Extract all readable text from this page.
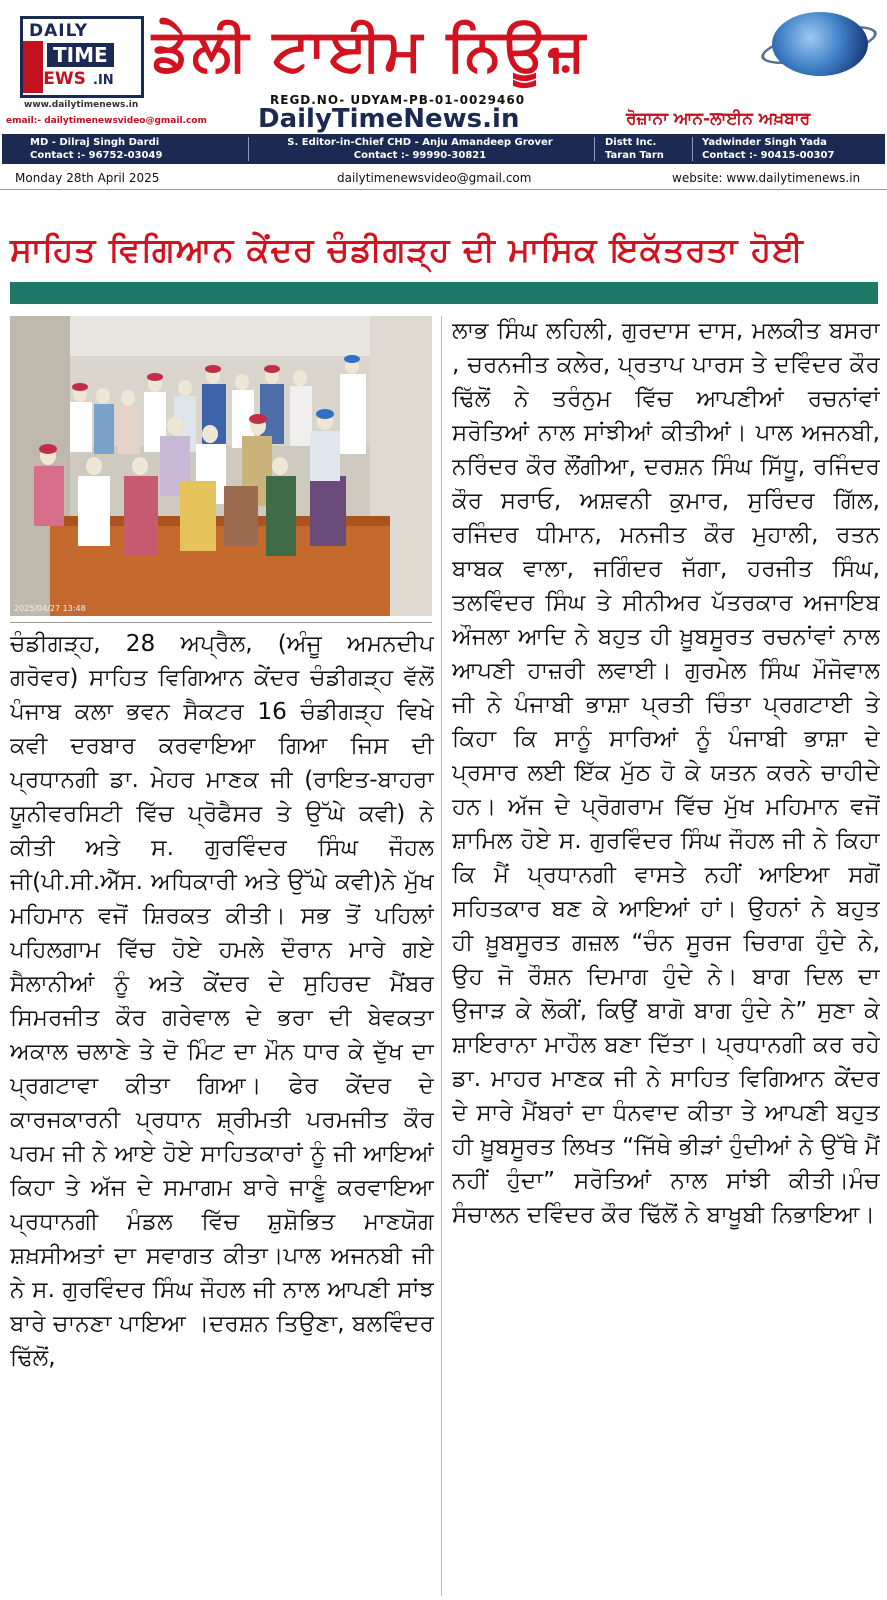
DAILY
TIME
NEWS .IN
www.dailytimenews.in
ਡੇਲੀ ਟਾਈਮ ਨਿਊਜ਼
REGD.NO- UDYAM-PB-01-0029460
email:- dailytimenewsvideo@gmail.com DailyTimeNews.in	ਰੋਜ਼ਾਨਾ ਆਨ-ਲਾਈਨ ਅਖ਼ਬਾਰ
MD - Dilraj Singh Dardi
Contact :- 96752-03049
S. Editor-in-Chief CHD - Anju Amandeep Grover
Contact :- 99990-30821
Distt Inc.
Taran Tarn
Yadwinder Singh Yada
Contact :- 90415-00307
Monday 28th April 2025	dailytimenewsvideo@gmail.com	website: www.dailytimenews.in
ਸਾਹਿਤ ਵਿਗਿਆਨ ਕੇਂਦਰ ਚੰਡੀਗੜ੍ਹ ਦੀ ਮਾਸਿਕ ਇਕੱਤਰਤਾ ਹੋਈ
2025/04/27 13:48
ਚੰਡੀਗੜ੍ਹ, 28 ਅਪ੍ਰੈਲ, (ਅੰਜੂ ਅਮਨਦੀਪ ਗਰੋਵਰ) ਸਾਹਿਤ ਵਿਗਿਆਨ ਕੇਂਦਰ ਚੰਡੀਗੜ੍ਹ ਵੱਲੋਂ ਪੰਜਾਬ ਕਲਾ ਭਵਨ ਸੈਕਟਰ 16 ਚੰਡੀਗੜ੍ਹ ਵਿਖੇ ਕਵੀ ਦਰਬਾਰ ਕਰਵਾਇਆ ਗਿਆ ਜਿਸ ਦੀ ਪ੍ਰਧਾਨਗੀ ਡਾ. ਮੇਹਰ ਮਾਣਕ ਜੀ (ਰਾਇਤ-ਬਾਹਰਾ ਯੂਨੀਵਰਸਿਟੀ ਵਿੱਚ ਪ੍ਰੋਫੈਸਰ ਤੇ ਉੱਘੇ ਕਵੀ) ਨੇ ਕੀਤੀ ਅਤੇ ਸ. ਗੁਰਵਿੰਦਰ ਸਿੰਘ ਜੌਹਲ ਜੀ(ਪੀ.ਸੀ.ਐੱਸ. ਅਧਿਕਾਰੀ ਅਤੇ ਉੱਘੇ ਕਵੀ)ਨੇ ਮੁੱਖ ਮਹਿਮਾਨ ਵਜੋਂ ਸ਼ਿਰਕਤ ਕੀਤੀ। ਸਭ ਤੋਂ ਪਹਿਲਾਂ ਪਹਿਲਗਾਮ ਵਿੱਚ ਹੋਏ ਹਮਲੇ ਦੌਰਾਨ ਮਾਰੇ ਗਏ ਸੈਲਾਨੀਆਂ ਨੂੰ ਅਤੇ ਕੇਂਦਰ ਦੇ ਸੁਹਿਰਦ ਮੈਂਬਰ ਸਿਮਰਜੀਤ ਕੌਰ ਗਰੇਵਾਲ ਦੇ ਭਰਾ ਦੀ ਬੇਵਕਤਾ ਅਕਾਲ ਚਲਾਣੇ ਤੇ ਦੋ ਮਿੰਟ ਦਾ ਮੌਨ ਧਾਰ ਕੇ ਦੁੱਖ ਦਾ ਪ੍ਰਗਟਾਵਾ ਕੀਤਾ ਗਿਆ। ਫੇਰ ਕੇਂਦਰ ਦੇ ਕਾਰਜਕਾਰਨੀ ਪ੍ਰਧਾਨ ਸ਼੍ਰੀਮਤੀ ਪਰਮਜੀਤ ਕੌਰ ਪਰਮ ਜੀ ਨੇ ਆਏ ਹੋਏ ਸਾਹਿਤਕਾਰਾਂ ਨੂੰ ਜੀ ਆਇਆਂ ਕਿਹਾ ਤੇ ਅੱਜ ਦੇ ਸਮਾਗਮ ਬਾਰੇ ਜਾਣੂੰ ਕਰਵਾਇਆ ਪ੍ਰਧਾਨਗੀ ਮੰਡਲ ਵਿੱਚ ਸ਼ੁਸ਼ੋਭਿਤ ਮਾਣਯੋਗ ਸ਼ਖ਼ਸੀਅਤਾਂ ਦਾ ਸਵਾਗਤ ਕੀਤਾ।ਪਾਲ ਅਜਨਬੀ ਜੀ ਨੇ ਸ. ਗੁਰਵਿੰਦਰ ਸਿੰਘ ਜੌਹਲ ਜੀ ਨਾਲ ਆਪਣੀ ਸਾਂਝ ਬਾਰੇ ਚਾਨਣਾ ਪਾਇਆ ।ਦਰਸ਼ਨ ਤਿਉਣਾ, ਬਲਵਿੰਦਰ ਢਿੱਲੋਂ,
ਲਾਭ ਸਿੰਘ ਲਹਿਲੀ, ਗੁਰਦਾਸ ਦਾਸ, ਮਲਕੀਤ ਬਸਰਾ , ਚਰਨਜੀਤ ਕਲੇਰ, ਪ੍ਰਤਾਪ ਪਾਰਸ ਤੇ ਦਵਿੰਦਰ ਕੌਰ ਢਿੱਲੋਂ ਨੇ ਤਰੰਨੁਮ ਵਿੱਚ ਆਪਣੀਆਂ ਰਚਨਾਂਵਾਂ ਸਰੋਤਿਆਂ ਨਾਲ ਸਾਂਝੀਆਂ ਕੀਤੀਆਂ। ਪਾਲ ਅਜਨਬੀ, ਨਰਿੰਦਰ ਕੌਰ ਲੌਂਗੀਆ, ਦਰਸ਼ਨ ਸਿੰਘ ਸਿੱਧੂ, ਰਜਿੰਦਰ ਕੌਰ ਸਰਾਓ, ਅਸ਼ਵਨੀ ਕੁਮਾਰ, ਸੁਰਿੰਦਰ ਗਿੱਲ, ਰਜਿੰਦਰ ਧੀਮਾਨ, ਮਨਜੀਤ ਕੌਰ ਮੁਹਾਲੀ, ਰਤਨ ਬਾਬਕ ਵਾਲਾ, ਜਗਿੰਦਰ ਜੱਗਾ, ਹਰਜੀਤ ਸਿੰਘ, ਤਲਵਿੰਦਰ ਸਿੰਘ ਤੇ ਸੀਨੀਅਰ ਪੱਤਰਕਾਰ ਅਜਾਇਬ ਔਜਲਾ ਆਦਿ ਨੇ ਬਹੁਤ ਹੀ ਖ਼ੂਬਸੂਰਤ ਰਚਨਾਂਵਾਂ ਨਾਲ ਆਪਣੀ ਹਾਜ਼ਰੀ ਲਵਾਈ। ਗੁਰਮੇਲ ਸਿੰਘ ਮੌਜੋਵਾਲ ਜੀ ਨੇ ਪੰਜਾਬੀ ਭਾਸ਼ਾ ਪ੍ਰਤੀ ਚਿੰਤਾ ਪ੍ਰਗਟਾਈ ਤੇ ਕਿਹਾ ਕਿ ਸਾਨੂੰ ਸਾਰਿਆਂ ਨੂੰ ਪੰਜਾਬੀ ਭਾਸ਼ਾ ਦੇ ਪ੍ਰਸਾਰ ਲਈ ਇੱਕ ਮੁੱਠ ਹੋ ਕੇ ਯਤਨ ਕਰਨੇ ਚਾਹੀਦੇ ਹਨ। ਅੱਜ ਦੇ ਪ੍ਰੋਗਰਾਮ ਵਿੱਚ ਮੁੱਖ ਮਹਿਮਾਨ ਵਜੋਂ ਸ਼ਾਮਿਲ ਹੋਏ ਸ. ਗੁਰਵਿੰਦਰ ਸਿੰਘ ਜੌਹਲ ਜੀ ਨੇ ਕਿਹਾ ਕਿ ਮੈਂ ਪ੍ਰਧਾਨਗੀ ਵਾਸਤੇ ਨਹੀਂ ਆਇਆ ਸਗੋਂ ਸਹਿਤਕਾਰ ਬਣ ਕੇ ਆਇਆਂ ਹਾਂ। ਉਹਨਾਂ ਨੇ ਬਹੁਤ ਹੀ ਖ਼ੂਬਸੂਰਤ ਗਜ਼ਲ “ਚੰਨ ਸੂਰਜ ਚਿਰਾਗ ਹੁੰਦੇ ਨੇ, ਉਹ ਜੋ ਰੌਸ਼ਨ ਦਿਮਾਗ ਹੁੰਦੇ ਨੇ। ਬਾਗ ਦਿਲ ਦਾ ਉਜਾੜ ਕੇ ਲੋਕੀਂ, ਕਿਉਂ ਬਾਗੋ ਬਾਗ ਹੁੰਦੇ ਨੇ” ਸੁਣਾ ਕੇ ਸ਼ਾਇਰਾਨਾ ਮਾਹੌਲ ਬਣਾ ਦਿੱਤਾ। ਪ੍ਰਧਾਨਗੀ ਕਰ ਰਹੇ ਡਾ. ਮਾਹਰ ਮਾਣਕ ਜੀ ਨੇ ਸਾਹਿਤ ਵਿਗਿਆਨ ਕੇਂਦਰ ਦੇ ਸਾਰੇ ਮੈਂਬਰਾਂ ਦਾ ਧੰਨਵਾਦ ਕੀਤਾ ਤੇ ਆਪਣੀ ਬਹੁਤ ਹੀ ਖ਼ੂਬਸੂਰਤ ਲਿਖਤ “ਜਿੱਥੇ ਭੀੜਾਂ ਹੁੰਦੀਆਂ ਨੇ ਉੱਥੇ ਮੈਂ ਨਹੀਂ ਹੁੰਦਾ” ਸਰੋਤਿਆਂ ਨਾਲ ਸਾਂਝੀ ਕੀਤੀ।ਮੰਚ ਸੰਚਾਲਨ ਦਵਿੰਦਰ ਕੌਰ ਢਿੱਲੋਂ ਨੇ ਬਾਖੂਬੀ ਨਿਭਾਇਆ।
